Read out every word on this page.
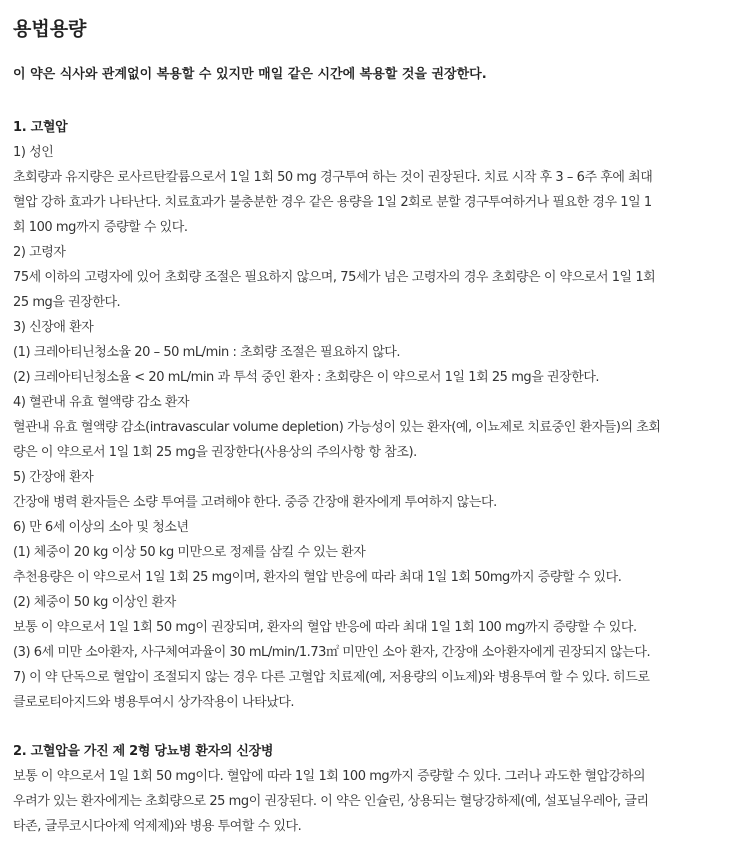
용법용량

이 약은 식사와 관계없이 복용할 수 있지만 매일 같은 시간에 복용할 것을 권장한다.

1. 고혈압
1) 성인
초회량과 유지량은 로사르탄칼륨으로서 1일 1회 50 mg 경구투여 하는 것이 권장된다. 치료 시작 후 3 – 6주 후에 최대
혈압 강하 효과가 나타난다. 치료효과가 불충분한 경우 같은 용량을 1일 2회로 분할 경구투여하거나 필요한 경우 1일 1
회 100 mg까지 증량할 수 있다.
2) 고령자
75세 이하의 고령자에 있어 초회량 조절은 필요하지 않으며, 75세가 넘은 고령자의 경우 초회량은 이 약으로서 1일 1회
25 mg을 권장한다.
3) 신장애 환자
(1) 크레아티닌청소율 20 – 50 mL/min : 초회량 조절은 필요하지 않다.
(2) 크레아티닌청소율 < 20 mL/min 과 투석 중인 환자 : 초회량은 이 약으로서 1일 1회 25 mg을 권장한다.
4) 혈관내 유효 혈액량 감소 환자
혈관내 유효 혈액량 감소(intravascular volume depletion) 가능성이 있는 환자(예, 이뇨제로 치료중인 환자들)의 초회
량은 이 약으로서 1일 1회 25 mg을 권장한다(사용상의 주의사항 항 참조).
5) 간장애 환자
간장애 병력 환자들은 소량 투여를 고려해야 한다. 중증 간장애 환자에게 투여하지 않는다.
6) 만 6세 이상의 소아 및 청소년
(1) 체중이 20 kg 이상 50 kg 미만으로 정제를 삼킬 수 있는 환자
추천용량은 이 약으로서 1일 1회 25 mg이며, 환자의 혈압 반응에 따라 최대 1일 1회 50mg까지 증량할 수 있다.
(2) 체중이 50 kg 이상인 환자
보통 이 약으로서 1일 1회 50 mg이 권장되며, 환자의 혈압 반응에 따라 최대 1일 1회 100 mg까지 증량할 수 있다.
(3) 6세 미만 소아환자, 사구체여과율이 30 mL/min/1.73㎡ 미만인 소아 환자, 간장애 소아환자에게 권장되지 않는다.
7) 이 약 단독으로 혈압이 조절되지 않는 경우 다른 고혈압 치료제(예, 저용량의 이뇨제)와 병용투여 할 수 있다. 히드로
클로로티아지드와 병용투여시 상가작용이 나타났다.
2. 고혈압을 가진 제 2형 당뇨병 환자의 신장병
보통 이 약으로서 1일 1회 50 mg이다. 혈압에 따라 1일 1회 100 mg까지 증량할 수 있다. 그러나 과도한 혈압강하의
우려가 있는 환자에게는 초회량으로 25 mg이 권장된다. 이 약은 인슐린, 상용되는 혈당강하제(예, 설포닐우레아, 글리
타존, 글루코시다아제 억제제)와 병용 투여할 수 있다.
